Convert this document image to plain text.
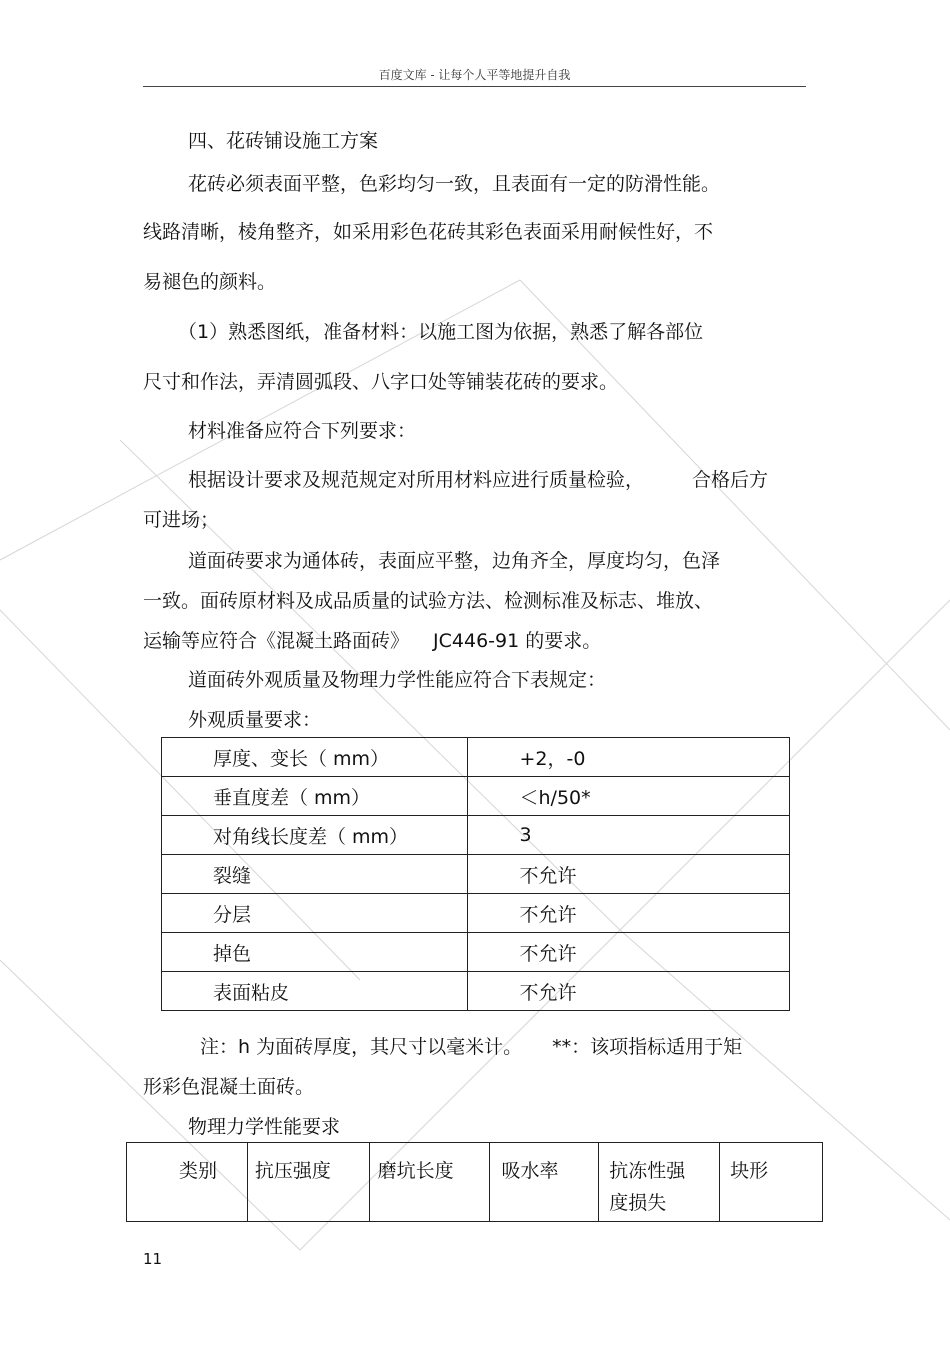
百度文库 - 让每个人平等地提升自我
四、花砖铺设施工方案
花砖必须表面平整，色彩均匀一致，且表面有一定的防滑性能。
线路清晰，棱角整齐，如采用彩色花砖其彩色表面采用耐候性好，不
易褪色的颜料。
（1）熟悉图纸，准备材料：以施工图为依据，熟悉了解各部位
尺寸和作法，弄清圆弧段、八字口处等铺装花砖的要求。
材料准备应符合下列要求：
根据设计要求及规范规定对所用材料应进行质量检验，	合格后方
可进场；
道面砖要求为通体砖，表面应平整，边角齐全，厚度均匀，色泽
一致。面砖原材料及成品质量的试验方法、检测标准及标志、堆放、
运输等应符合《混凝土路面砖》 JC446-91 的要求。
道面砖外观质量及物理力学性能应符合下表规定：
外观质量要求：
厚度、变长（ mm）	+2，-0
垂直度差（ mm）	＜h/50*
对角线长度差（ mm）	3
裂缝	不允许
分层	不允许
掉色	不允许
表面粘皮	不允许
注：h 为面砖厚度，其尺寸以毫米计。 **：该项指标适用于矩
形彩色混凝土面砖。
物理力学性能要求
类别	抗压强度	磨坑长度	吸水率	抗冻性强度损失	块形
11
